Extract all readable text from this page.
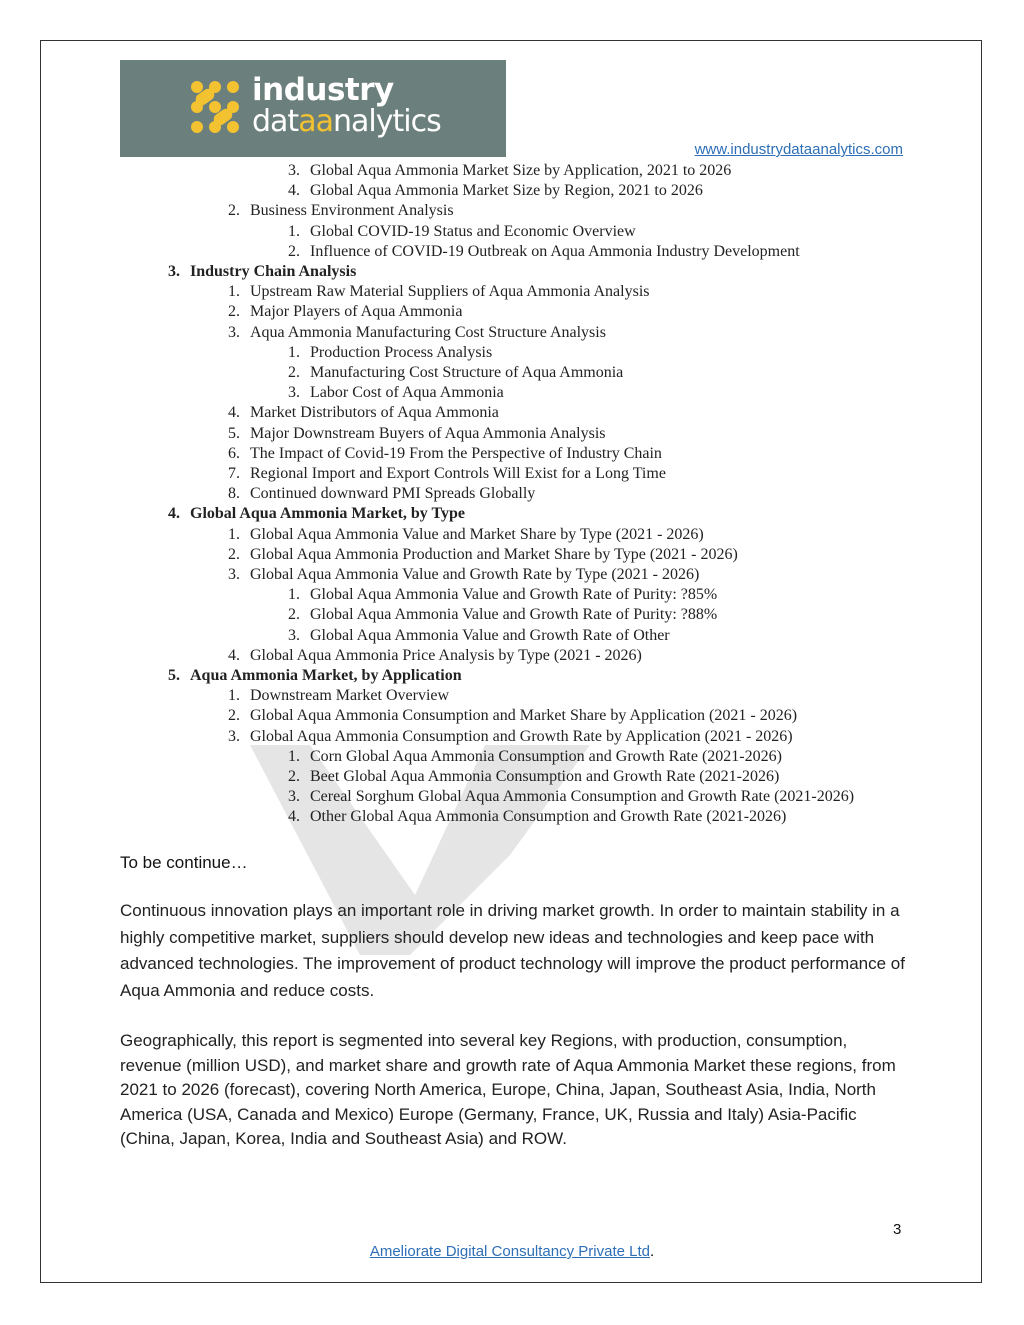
industry
dataanalytics
www.industrydataanalytics.com
3. Global Aqua Ammonia Market Size by Application, 2021 to 2026
4. Global Aqua Ammonia Market Size by Region, 2021 to 2026
2. Business Environment Analysis
1. Global COVID-19 Status and Economic Overview
2. Influence of COVID-19 Outbreak on Aqua Ammonia Industry Development
3. Industry Chain Analysis
1. Upstream Raw Material Suppliers of Aqua Ammonia Analysis
2. Major Players of Aqua Ammonia
3. Aqua Ammonia Manufacturing Cost Structure Analysis
1. Production Process Analysis
2. Manufacturing Cost Structure of Aqua Ammonia
3. Labor Cost of Aqua Ammonia
4. Market Distributors of Aqua Ammonia
5. Major Downstream Buyers of Aqua Ammonia Analysis
6. The Impact of Covid-19 From the Perspective of Industry Chain
7. Regional Import and Export Controls Will Exist for a Long Time
8. Continued downward PMI Spreads Globally
4. Global Aqua Ammonia Market, by Type
1. Global Aqua Ammonia Value and Market Share by Type (2021 - 2026)
2. Global Aqua Ammonia Production and Market Share by Type (2021 - 2026)
3. Global Aqua Ammonia Value and Growth Rate by Type (2021 - 2026)
1. Global Aqua Ammonia Value and Growth Rate of Purity: ?85%
2. Global Aqua Ammonia Value and Growth Rate of Purity: ?88%
3. Global Aqua Ammonia Value and Growth Rate of Other
4. Global Aqua Ammonia Price Analysis by Type (2021 - 2026)
5. Aqua Ammonia Market, by Application
1. Downstream Market Overview
2. Global Aqua Ammonia Consumption and Market Share by Application (2021 - 2026)
3. Global Aqua Ammonia Consumption and Growth Rate by Application (2021 - 2026)
1. Corn Global Aqua Ammonia Consumption and Growth Rate (2021-2026)
2. Beet Global Aqua Ammonia Consumption and Growth Rate (2021-2026)
3. Cereal Sorghum Global Aqua Ammonia Consumption and Growth Rate (2021-2026)
4. Other Global Aqua Ammonia Consumption and Growth Rate (2021-2026)
To be continue…
Continuous innovation plays an important role in driving market growth. In order to maintain stability in a highly competitive market, suppliers should develop new ideas and technologies and keep pace with advanced technologies. The improvement of product technology will improve the product performance of Aqua Ammonia and reduce costs.
Geographically, this report is segmented into several key Regions, with production, consumption, revenue (million USD), and market share and growth rate of Aqua Ammonia Market these regions, from 2021 to 2026 (forecast), covering North America, Europe, China, Japan, Southeast Asia, India, North America (USA, Canada and Mexico) Europe (Germany, France, UK, Russia and Italy) Asia-Pacific (China, Japan, Korea, India and Southeast Asia) and ROW.
3
Ameliorate Digital Consultancy Private Ltd.
